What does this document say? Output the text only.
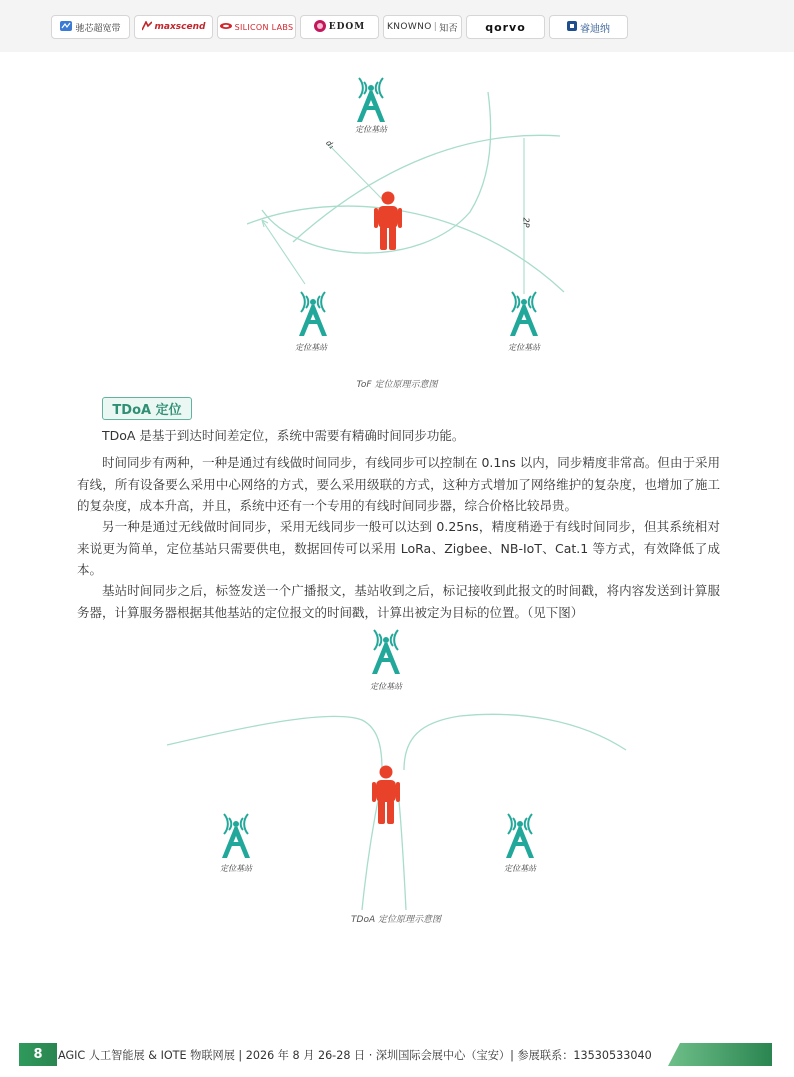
驰芯超宽带	maxscend	SILICON LABS	EDOM KNOWNO | 知否 qorvo	睿迪纳
定位基站
定位基站	定位基站
d₁
2P
ToF 定位原理示意图
TDoA 定位

TDoA 是基于到达时间差定位，系统中需要有精确时间同步功能。

时间同步有两种，一种是通过有线做时间同步，有线同步可以控制在 0.1ns 以内，同步精度非常高。但由于采用有线，所有设备要么采用中心网络的方式，要么采用级联的方式，这种方式增加了网络维护的复杂度，也增加了施工的复杂度，成本升高，并且，系统中还有一个专用的有线时间同步器，综合价格比较昂贵。

另一种是通过无线做时间同步，采用无线同步一般可以达到 0.25ns，精度稍逊于有线时间同步，但其系统相对来说更为简单，定位基站只需要供电，数据回传可以采用 LoRa、Zigbee、NB-IoT、Cat.1 等方式，有效降低了成本。

基站时间同步之后，标签发送一个广播报文，基站收到之后，标记接收到此报文的时间戳，将内容发送到计算服务器，计算服务器根据其他基站的定位报文的时间戳，计算出被定为目标的位置。（见下图）

定位基站
定位基站	定位基站
TDoA 定位原理示意图
8	AGIC 人工智能展 & IOTE 物联网展 | 2026 年 8 月 26-28 日 · 深圳国际会展中心（宝安）| 参展联系：13530533040
